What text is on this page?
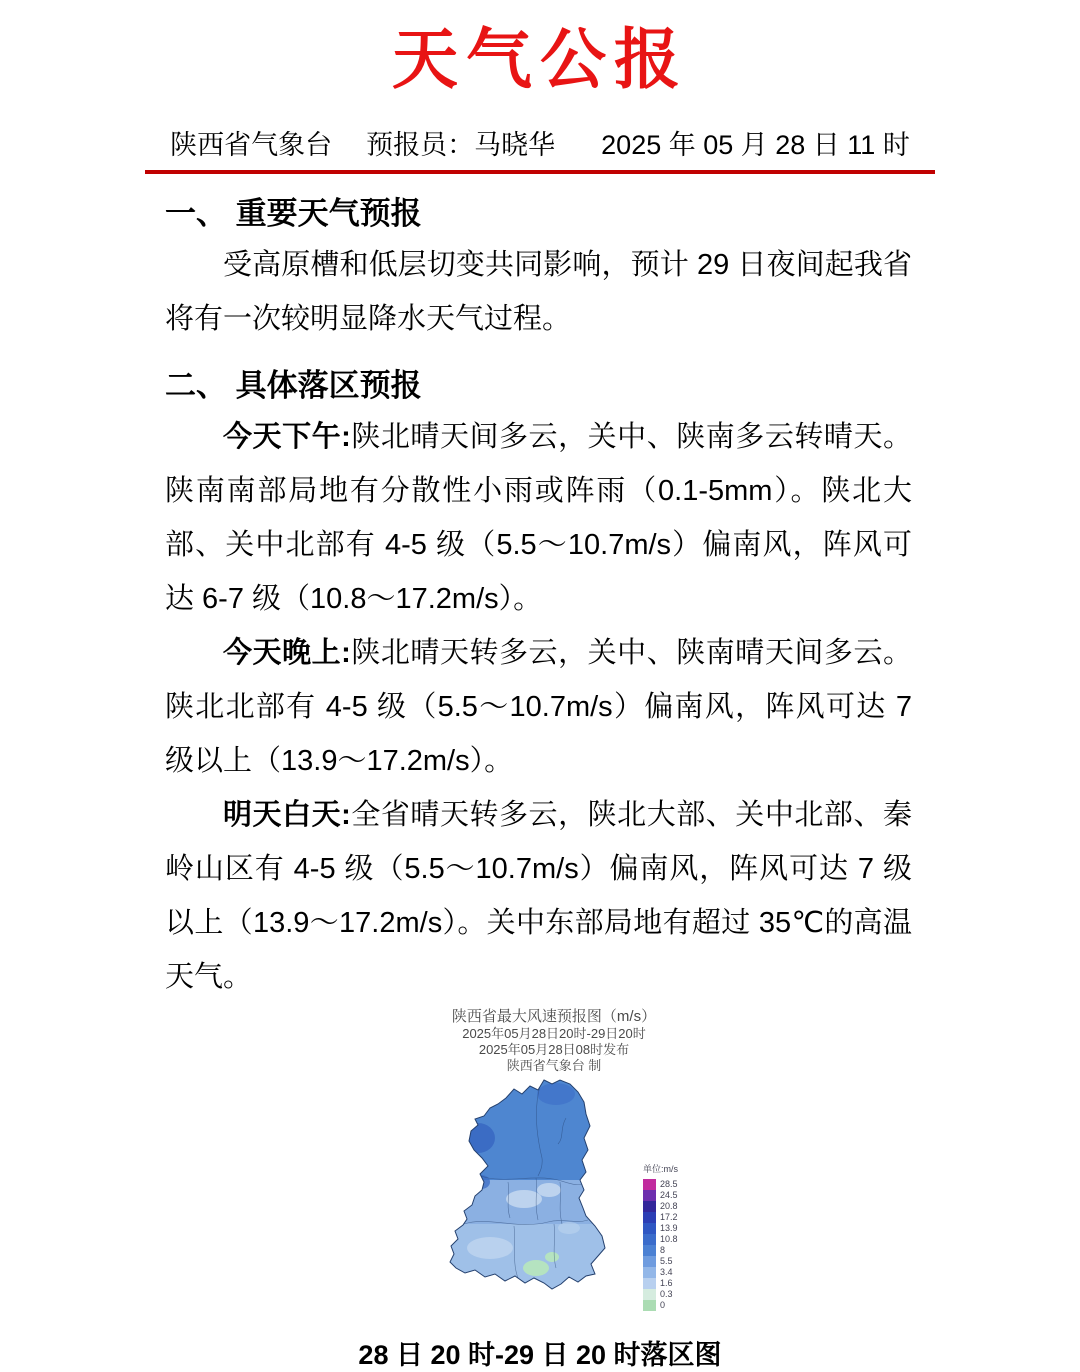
天气公报
陕西省气象台 预报员：马晓华 2025 年 05 月 28 日 11 时
一、 重要天气预报

受高原槽和低层切变共同影响，预计 29 日夜间起我省将有一次较明显降水天气过程。

二、 具体落区预报

今天下午:陕北晴天间多云，关中、陕南多云转晴天。陕南南部局地有分散性小雨或阵雨（0.1-5mm）。陕北大部、关中北部有 4-5 级（5.5～10.7m/s）偏南风，阵风可达 6-7 级（10.8～17.2m/s）。

今天晚上:陕北晴天转多云，关中、陕南晴天间多云。陕北北部有 4-5 级（5.5～10.7m/s）偏南风，阵风可达 7 级以上（13.9～17.2m/s）。

明天白天:全省晴天转多云，陕北大部、关中北部、秦岭山区有 4-5 级（5.5～10.7m/s）偏南风，阵风可达 7 级以上（13.9～17.2m/s）。关中东部局地有超过 35℃的高温天气。

陕西省最大风速预报图（m/s）
2025年05月28日20时-29日20时
2025年05月28日08时发布
陕西省气象台 制
单位:m/s
28.5
24.5
20.8
17.2
13.9
10.8
8
5.5
3.4
1.6
0.3
0
28 日 20 时-29 日 20 时落区图
